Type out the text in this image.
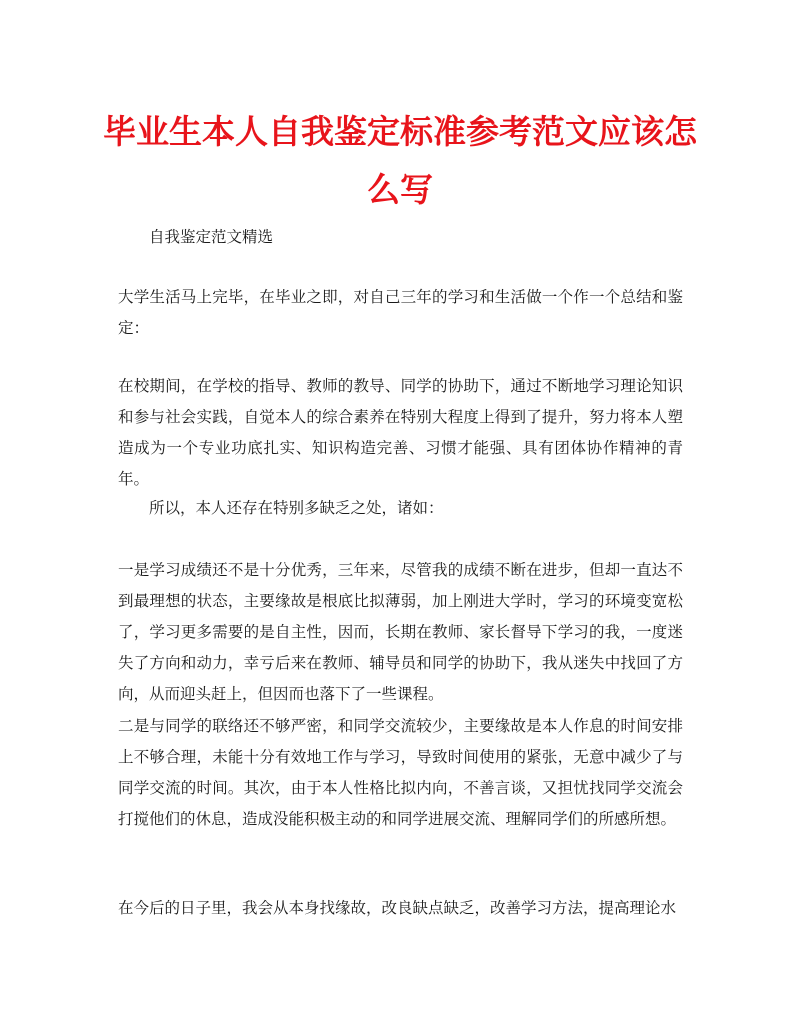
毕业生本人自我鉴定标准参考范文应该怎么写

自我鉴定范文精选

大学生活马上完毕，在毕业之即，对自己三年的学习和生活做一个作一个总结和鉴定：

在校期间，在学校的指导、教师的教导、同学的协助下，通过不断地学习理论知识和参与社会实践，自觉本人的综合素养在特别大程度上得到了提升，努力将本人塑造成为一个专业功底扎实、知识构造完善、习惯才能强、具有团体协作精神的青年。

所以，本人还存在特别多缺乏之处，诸如：

一是学习成绩还不是十分优秀，三年来，尽管我的成绩不断在进步，但却一直达不到最理想的状态，主要缘故是根底比拟薄弱，加上刚进大学时，学习的环境变宽松了，学习更多需要的是自主性，因而，长期在教师、家长督导下学习的我，一度迷失了方向和动力，幸亏后来在教师、辅导员和同学的协助下，我从迷失中找回了方向，从而迎头赶上，但因而也落下了一些课程。

二是与同学的联络还不够严密，和同学交流较少，主要缘故是本人作息的时间安排上不够合理，未能十分有效地工作与学习，导致时间使用的紧张，无意中减少了与同学交流的时间。其次，由于本人性格比拟内向，不善言谈，又担忧找同学交流会打搅他们的休息，造成没能积极主动的和同学进展交流、理解同学们的所感所想。

在今后的日子里，我会从本身找缘故，改良缺点缺乏，改善学习方法，提高理论水
